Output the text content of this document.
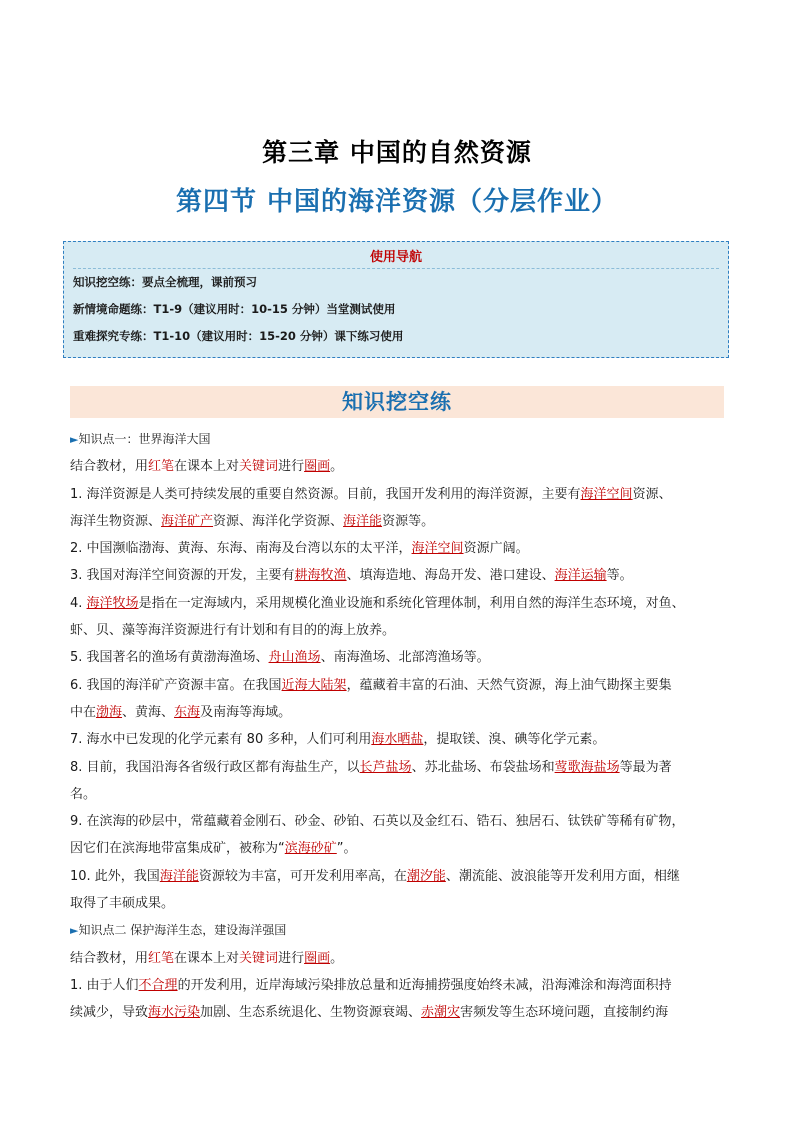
第三章 中国的自然资源
第四节 中国的海洋资源（分层作业）
使用导航
知识挖空练：要点全梳理，课前预习
新情境命题练：T1-9（建议用时：10-15 分钟）当堂测试使用
重难探究专练：T1-10（建议用时：15-20 分钟）课下练习使用
知识挖空练

►知识点一：世界海洋大国

结合教材，用红笔在课本上对关键词进行圈画。

1. 海洋资源是人类可持续发展的重要自然资源。目前，我国开发利用的海洋资源，主要有海洋空间资源、

海洋生物资源、海洋矿产资源、海洋化学资源、海洋能资源等。

2. 中国濒临渤海、黄海、东海、南海及台湾以东的太平洋，海洋空间资源广阔。

3. 我国对海洋空间资源的开发，主要有耕海牧渔、填海造地、海岛开发、港口建设、海洋运输等。

4. 海洋牧场是指在一定海域内，采用规模化渔业设施和系统化管理体制，利用自然的海洋生态环境，对鱼、

虾、贝、藻等海洋资源进行有计划和有目的的海上放养。

5. 我国著名的渔场有黄渤海渔场、舟山渔场、南海渔场、北部湾渔场等。

6. 我国的海洋矿产资源丰富。在我国近海大陆架，蕴藏着丰富的石油、天然气资源，海上油气勘探主要集

中在渤海、黄海、东海及南海等海域。

7. 海水中已发现的化学元素有 80 多种，人们可利用海水晒盐，提取镁、溴、碘等化学元素。

8. 目前，我国沿海各省级行政区都有海盐生产，以长芦盐场、苏北盐场、布袋盐场和莺歌海盐场等最为著

名。

9. 在滨海的砂层中，常蕴藏着金刚石、砂金、砂铂、石英以及金红石、锆石、独居石、钛铁矿等稀有矿物，

因它们在滨海地带富集成矿，被称为“滨海砂矿”。

10. 此外，我国海洋能资源较为丰富，可开发利用率高，在潮汐能、潮流能、波浪能等开发利用方面，相继

取得了丰硕成果。

►知识点二 保护海洋生态，建设海洋强国

结合教材，用红笔在课本上对关键词进行圈画。

1. 由于人们不合理的开发利用，近岸海域污染排放总量和近海捕捞强度始终未减，沿海滩涂和海湾面积持

续减少，导致海水污染加剧、生态系统退化、生物资源衰竭、赤潮灾害频发等生态环境问题，直接制约海
